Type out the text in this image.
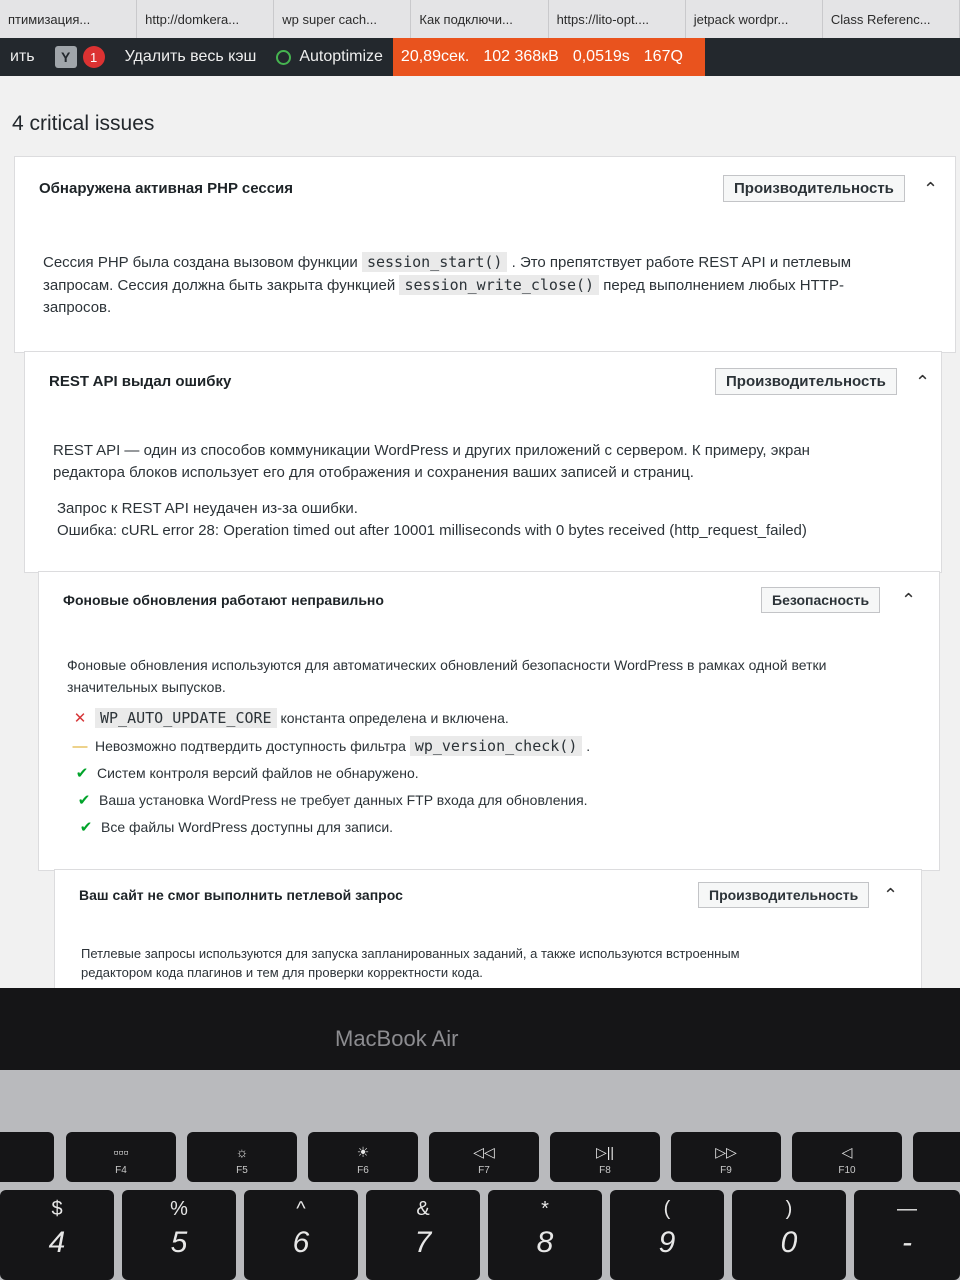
птимизация...	http://domkera...	wp super cach...	Как подключи...	https://lito-opt....	jetpack wordpr...	Class Referenc...
ить	Y	1	Удалить весь кэш	Autoptimize 20,89сек. 102 368кВ 0,0519s 167Q
4 critical issues
Обнаружена активная PHP сессия	Производительность	⌃
Сессия PHP была создана вызовом функции session_start() . Это препятствует работе REST API и петлевым
запросам. Сессия должна быть закрыта функцией session_write_close() перед выполнением любых HTTP-
запросов.
REST API выдал ошибку	Производительность	⌃
REST API — один из способов коммуникации WordPress и других приложений с сервером. К примеру, экран
редактора блоков использует его для отображения и сохранения ваших записей и страниц.
Запрос к REST API неудачен из-за ошибки.
Ошибка: cURL error 28: Operation timed out after 10001 milliseconds with 0 bytes received (http_request_failed)
Фоновые обновления работают неправильно	Безопасность	⌃
Фоновые обновления используются для автоматических обновлений безопасности WordPress в рамках одной ветки
значительных выпусков.
✕ WP_AUTO_UPDATE_CORE
константа определена и включена.
— Невозможно подтвердить доступность фильтра
wp_version_check()
.
✔ Систем контроля версий файлов не обнаружено.
✔ Ваша установка WordPress не требует данных FTP входа для обновления.
✔ Все файлы WordPress доступны для записи.
Ваш сайт не смог выполнить петлевой запрос	Производительность	⌃
Петлевые запросы используются для запуска запланированных заданий, а также используются встроенным
редактором кода плагинов и тем для проверки корректности кода.
MacBook Air
▫▫▫
F4
☼
F5
☀
F6
◁◁
F7
▷||
F8
▷▷
F9
◁
F10
$
4
%
5
^
6
&
7
*
8
(
9
)
0
—
-
